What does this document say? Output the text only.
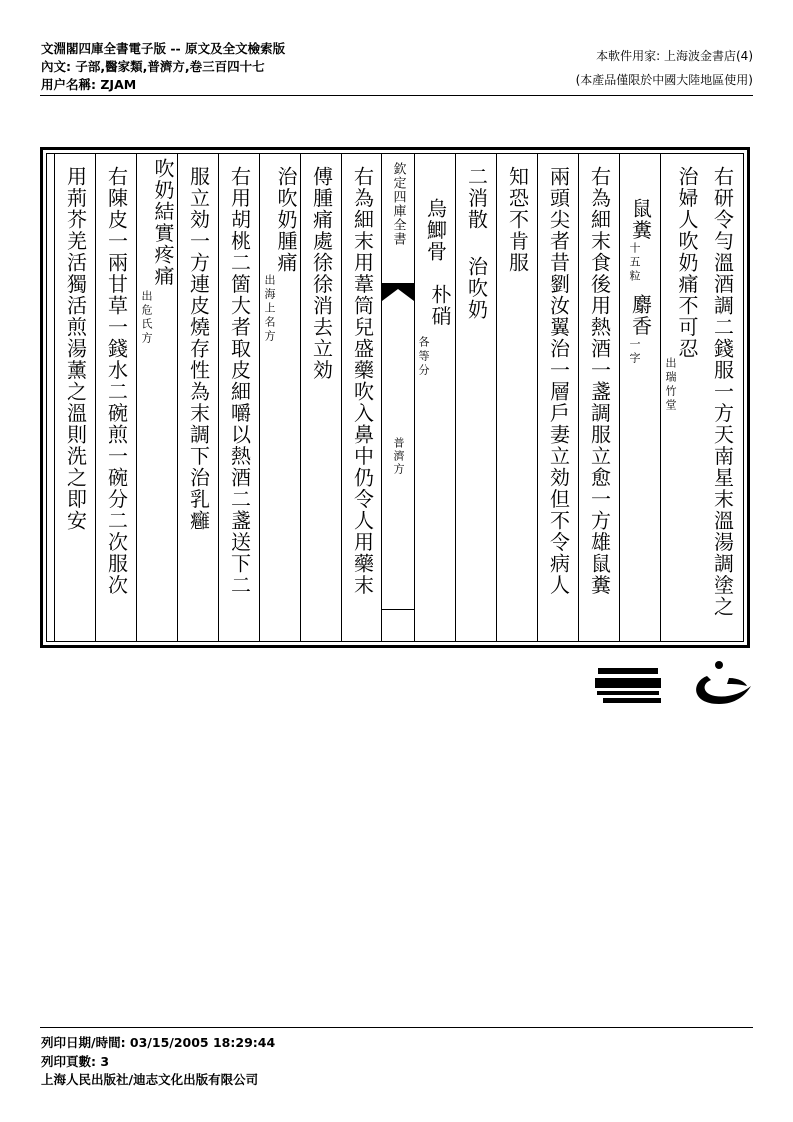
文淵閣四庫全書電子版 -- 原文及全文檢索版
內文: 子部,醫家類,普濟方,卷三百四十七
用户名稱: ZJAM
本軟件用家: 上海波金書店(4)
(本產品僅限於中國大陸地區使用)
右研令勻溫酒調二錢服一方天南星末溫湯調塗之
治婦人吹奶痛不可忍
出瑞竹堂
鼠糞
十五粒
麝香
一字
右為細末食後用熱酒一盞調服立愈一方雄鼠糞
兩頭尖者昔劉汝翼治一層戶妻立効但不令病人
知恐不肯服
二消散 治吹奶
烏鯽骨
朴硝
各等分
欽定四庫全書
普濟方
右為細末用葦筒兒盛藥吹入鼻中仍令人用藥末
傅腫痛處徐徐消去立効
治吹奶腫痛
出海上名方
右用胡桃二箇大者取皮細嚼以熱酒二盞送下二
服立効一方連皮燒存性為末調下治乳癰
吹奶結實疼痛
出危氏方
右陳皮一兩甘草一錢水二碗煎一碗分二次服次
用荊芥羌活獨活煎湯薰之溫則洗之即安
列印日期/時間: 03/15/2005 18:29:44
列印頁數: 3
上海人民出版社/迪志文化出版有限公司
